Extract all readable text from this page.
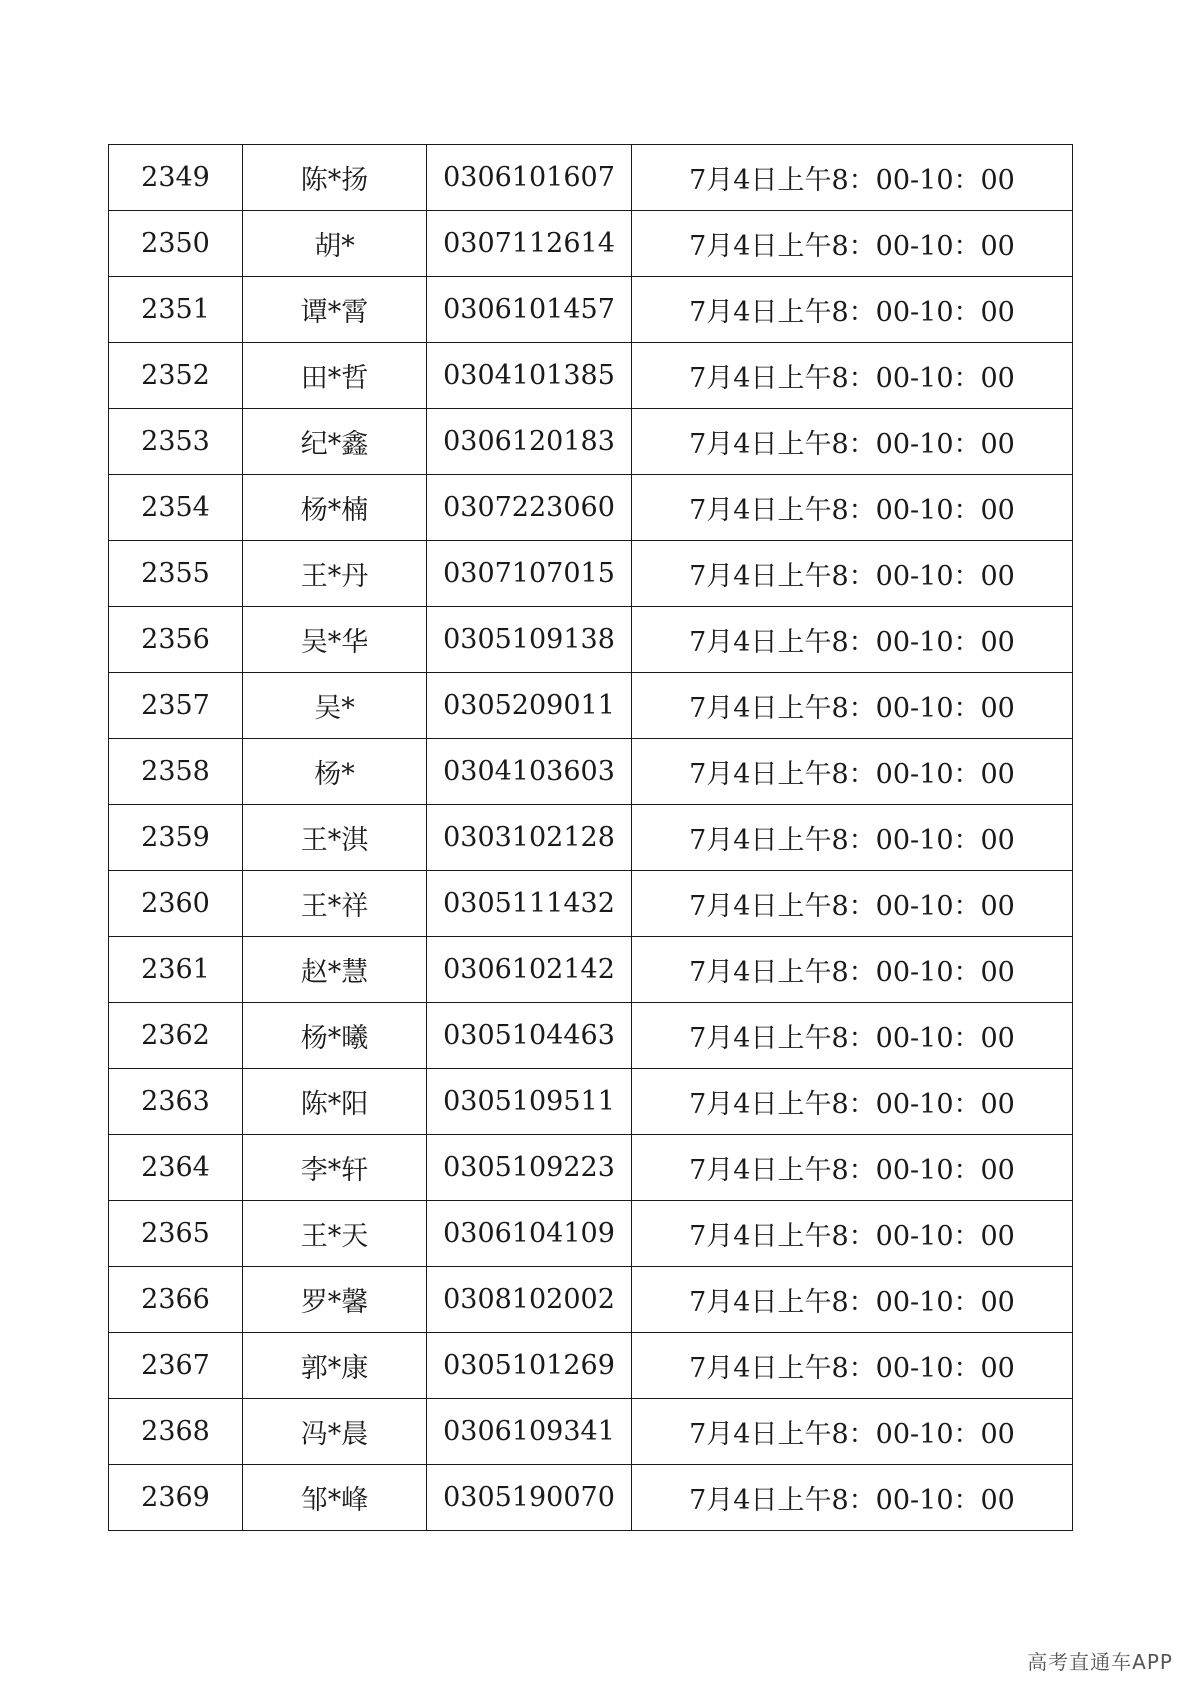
2349	陈*扬	0306101607	7月4日上午8：00-10：00
2350	胡*	0307112614	7月4日上午8：00-10：00
2351	谭*霄	0306101457	7月4日上午8：00-10：00
2352	田*哲	0304101385	7月4日上午8：00-10：00
2353	纪*鑫	0306120183	7月4日上午8：00-10：00
2354	杨*楠	0307223060	7月4日上午8：00-10：00
2355	王*丹	0307107015	7月4日上午8：00-10：00
2356	吴*华	0305109138	7月4日上午8：00-10：00
2357	吴*	0305209011	7月4日上午8：00-10：00
2358	杨*	0304103603	7月4日上午8：00-10：00
2359	王*淇	0303102128	7月4日上午8：00-10：00
2360	王*祥	0305111432	7月4日上午8：00-10：00
2361	赵*慧	0306102142	7月4日上午8：00-10：00
2362	杨*曦	0305104463	7月4日上午8：00-10：00
2363	陈*阳	0305109511	7月4日上午8：00-10：00
2364	李*轩	0305109223	7月4日上午8：00-10：00
2365	王*天	0306104109	7月4日上午8：00-10：00
2366	罗*馨	0308102002	7月4日上午8：00-10：00
2367	郭*康	0305101269	7月4日上午8：00-10：00
2368	冯*晨	0306109341	7月4日上午8：00-10：00
2369	邹*峰	0305190070	7月4日上午8：00-10：00
高考直通车APP
